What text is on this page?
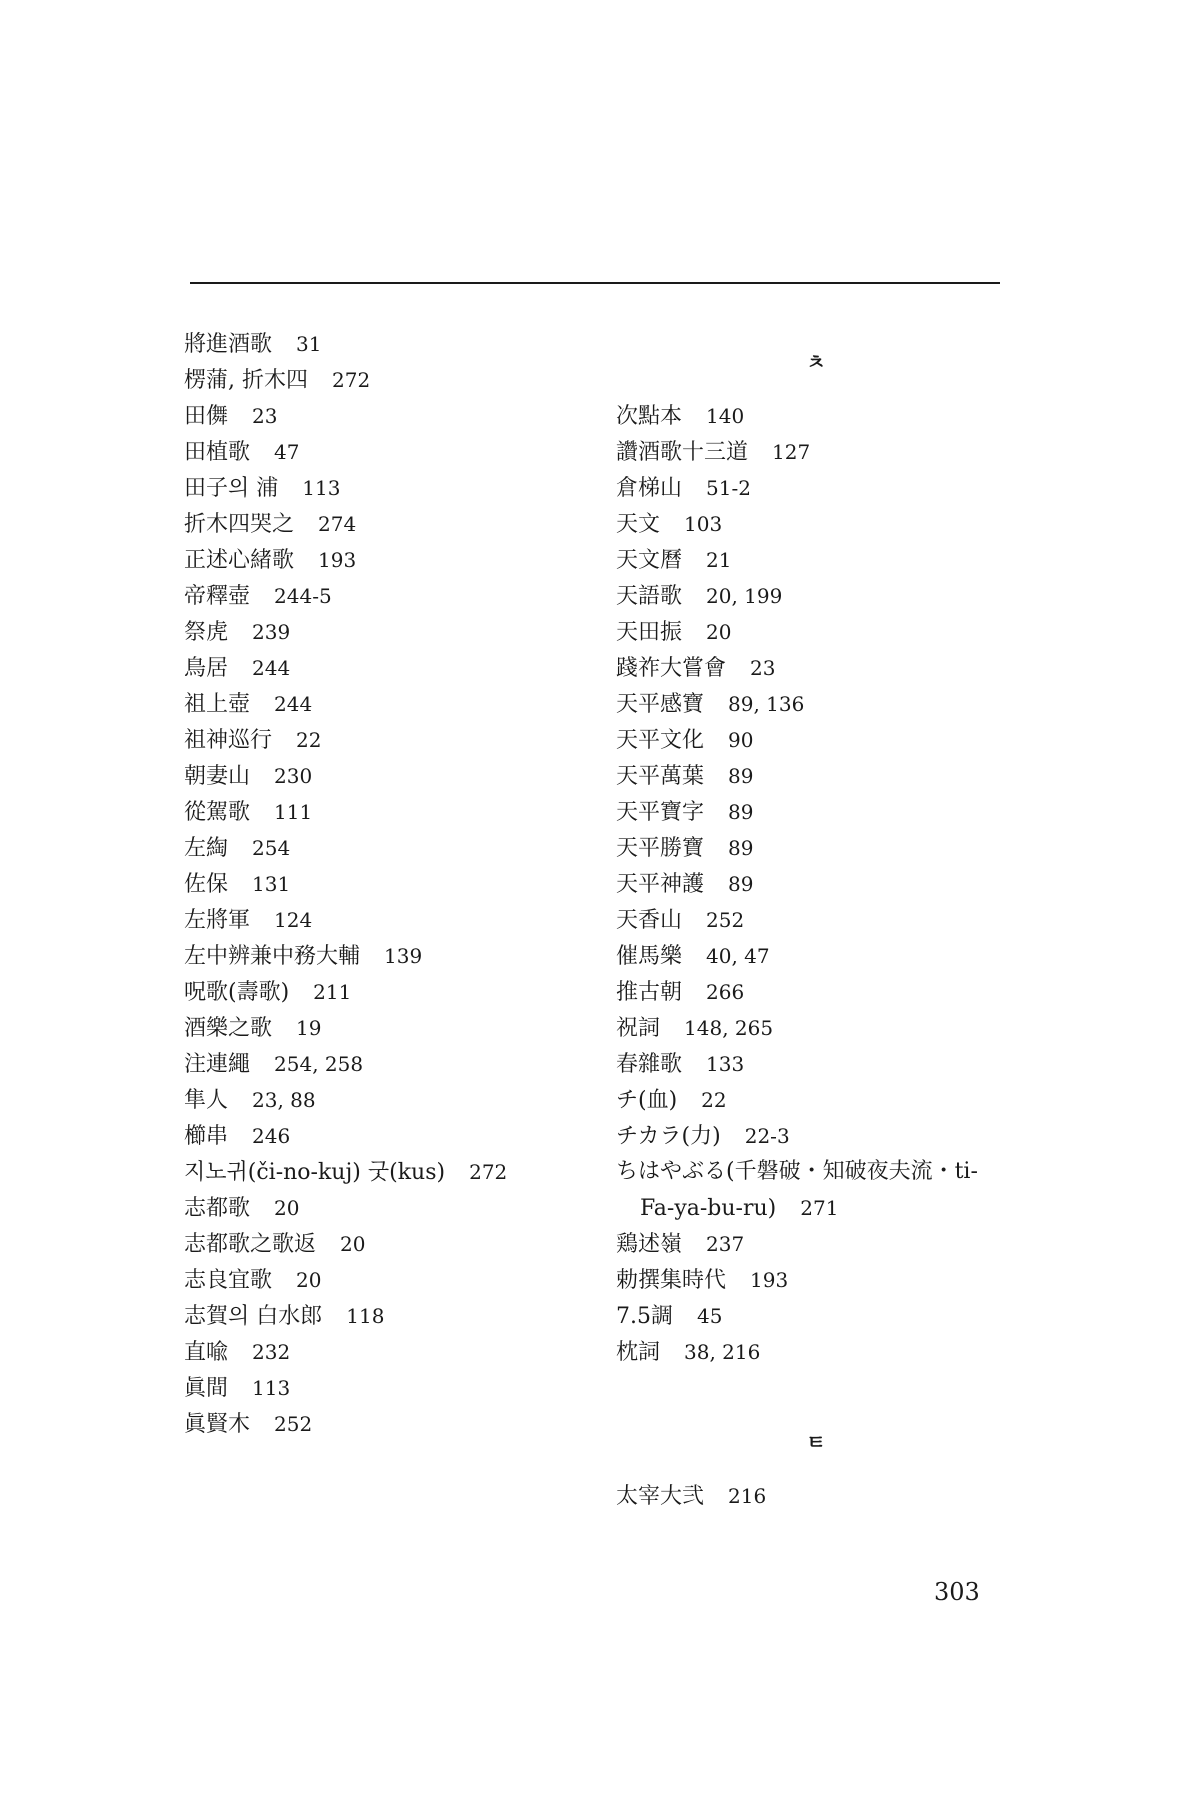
將進酒歌 31
楞蒲, 折木四 272
田儛 23
田植歌 47
田子의 浦 113
折木四哭之 274
正述心緒歌 193
帝釋壺 244-5
祭虎 239
鳥居 244
祖上壺 244
祖神巡行 22
朝妻山 230
從駕歌 111
左綯 254
佐保 131
左將軍 124
左中辨兼中務大輔 139
呪歌(壽歌) 211
酒樂之歌 19
注連繩 254, 258
隼人 23, 88
櫛串 246
지노귀(či-no-kuj) 굿(kus) 272
志都歌 20
志都歌之歌返 20
志良宜歌 20
志賀의 白水郎 118
直喩 232
眞間 113
眞賢木 252
ㅊ
次點本 140
讚酒歌十三道 127
倉梯山 51-2
天文 103
天文曆 21
天語歌 20, 199
天田振 20
踐祚大嘗會 23
天平感寶 89, 136
天平文化 90
天平萬葉 89
天平寶字 89
天平勝寶 89
天平神護 89
天香山 252
催馬樂 40, 47
推古朝 266
祝詞 148, 265
春雜歌 133
チ(血) 22
チカラ(力) 22-3
ちはやぶる(千磐破・知破夜夫流・ti-
Fa-ya-bu-ru) 271
鶏述嶺 237
勅撰集時代 193
7.5調 45
枕詞 38, 216
ㅌ
太宰大弐 216
303
